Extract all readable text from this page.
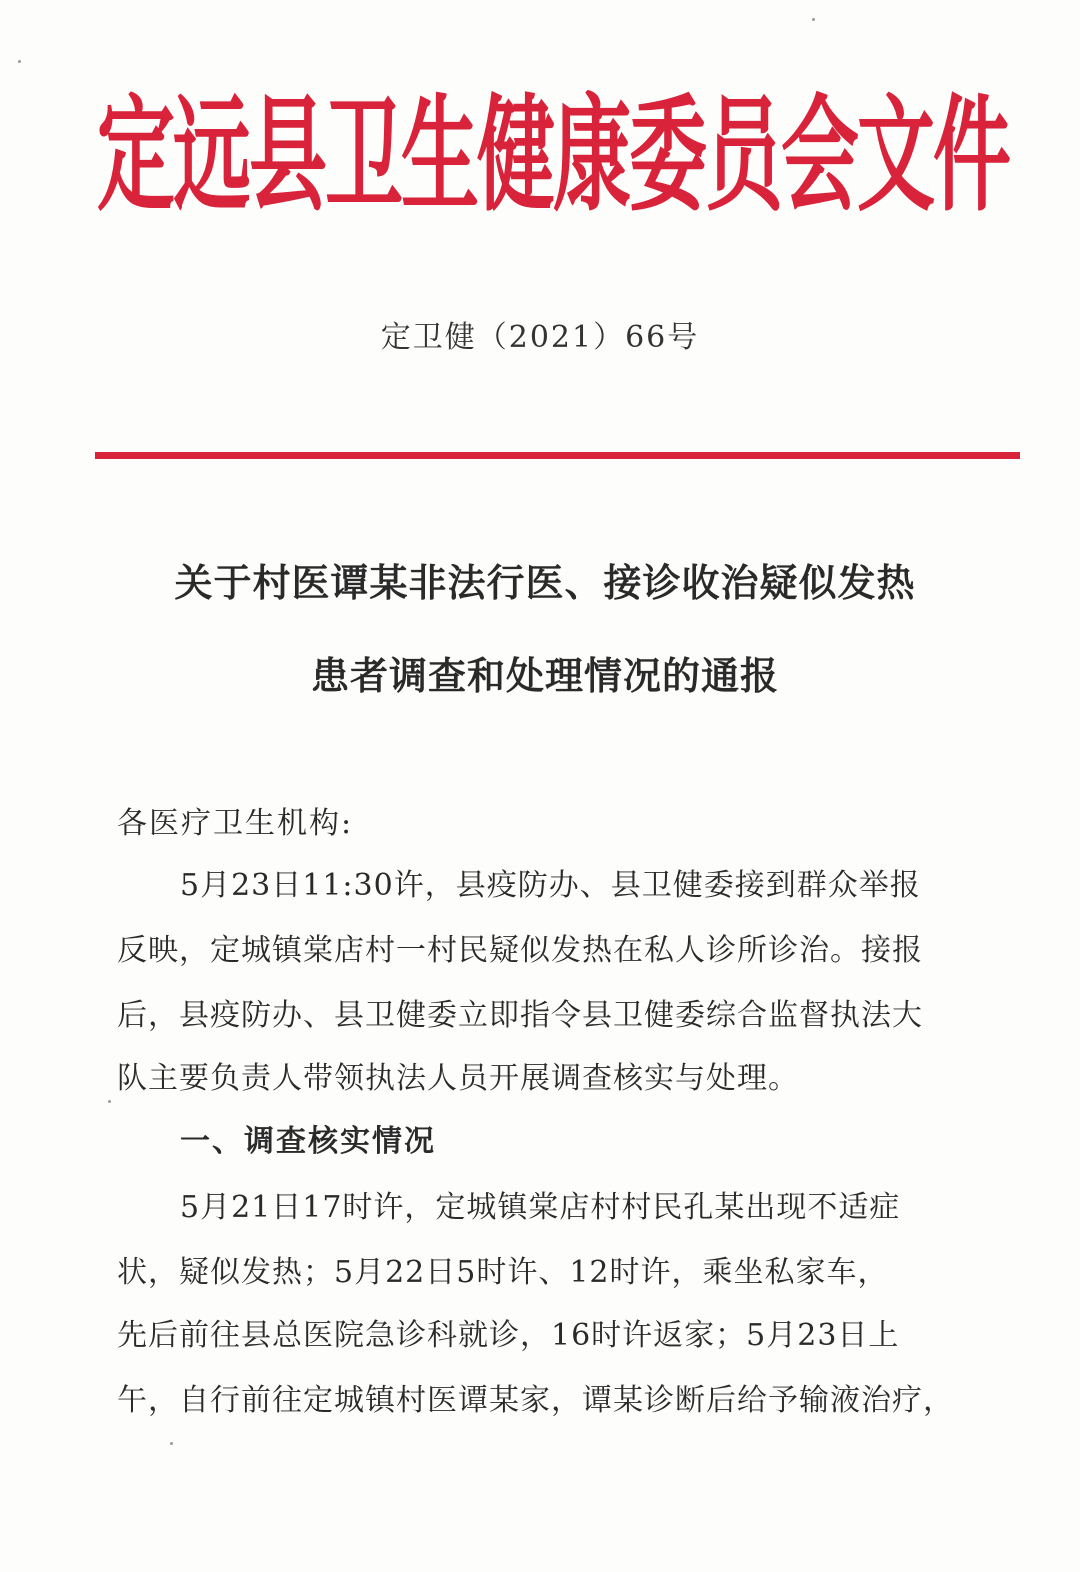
定远县卫生健康委员会文件
定卫健（2021）66号
关于村医谭某非法行医、接诊收治疑似发热
患者调查和处理情况的通报
各医疗卫生机构:
5月23日11:30许，县疫防办、县卫健委接到群众举报
反映，定城镇棠店村一村民疑似发热在私人诊所诊治。接报
后，县疫防办、县卫健委立即指令县卫健委综合监督执法大
队主要负责人带领执法人员开展调查核实与处理。
一、调查核实情况
5月21日17时许，定城镇棠店村村民孔某出现不适症
状，疑似发热；5月22日5时许、12时许，乘坐私家车，
先后前往县总医院急诊科就诊，16时许返家；5月23日上
午，自行前往定城镇村医谭某家，谭某诊断后给予输液治疗，
